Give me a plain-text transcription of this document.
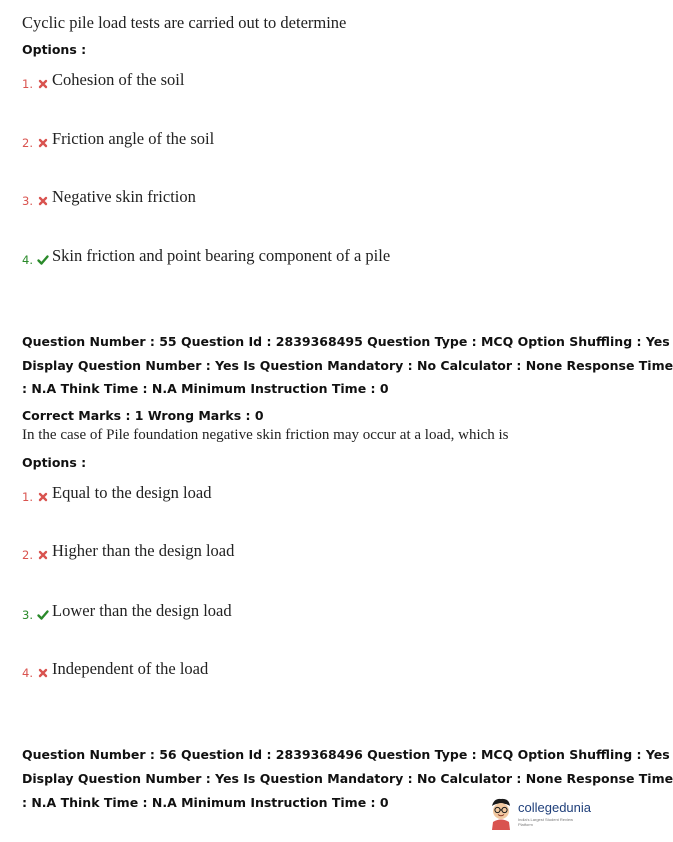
Cyclic pile load tests are carried out to determine
Options :
1. Cohesion of the soil
2. Friction angle of the soil
3. Negative skin friction
4. Skin friction and point bearing component of a pile
Question Number : 55 Question Id : 2839368495 Question Type : MCQ Option Shuffling : Yes
Display Question Number : Yes Is Question Mandatory : No Calculator : None Response Time
: N.A Think Time : N.A Minimum Instruction Time : 0
Correct Marks : 1 Wrong Marks : 0
In the case of Pile foundation negative skin friction may occur at a load, which is
Options :
1. Equal to the design load
2. Higher than the design load
3. Lower than the design load
4. Independent of the load
Question Number : 56 Question Id : 2839368496 Question Type : MCQ Option Shuffling : Yes
Display Question Number : Yes Is Question Mandatory : No Calculator : None Response Time
: N.A Think Time : N.A Minimum Instruction Time : 0	collegedunia
India's Largest Student Review Platform
